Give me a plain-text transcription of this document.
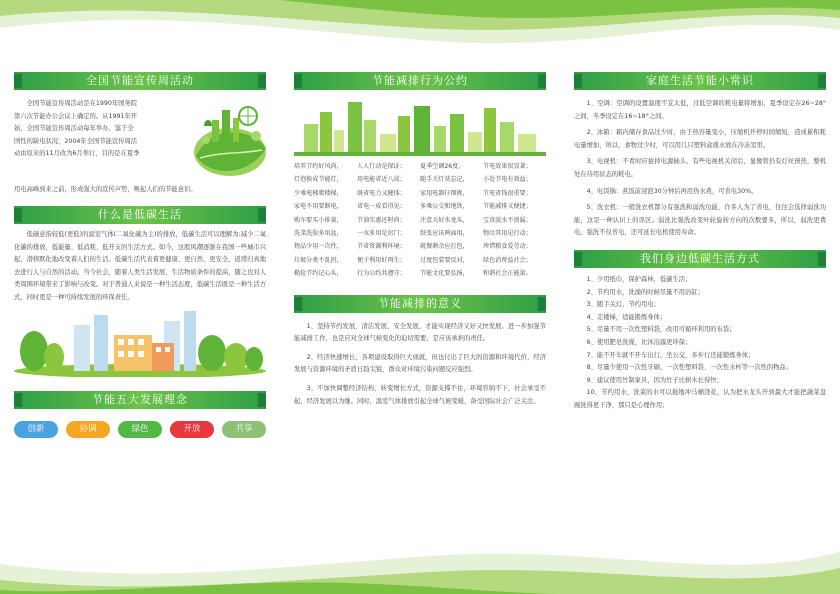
全国节能宣传周活动

全国节能宣传周活动是在1990年国务院

第六次节能办公会议上确定的。从1991年开

始，全国节能宣传周活动每年举办。鉴于全

国性的缺电状况，2004年全国节能宣传周活

动由原来的11月改为6月举行，目的是在夏季

用电高峰到来之前，形成强大的宣传声势，唤起人们的节能意识。

什么是低碳生活

低碳意指较低(更低)的温室气体(二氧化碳为主)的排放，低碳生活可以理解为:减少二氧化碳的排放，低能量、低消耗、低开支的生活方式。如今，这股风潮逐渐在我国一些城市兴起，潜移默化地改变着人们的生活。低碳生活代表着更健康、更自然、更安全，返璞归真地去进行人与自然的活动。当今社会，随着人类生活发展，生活物质条件的提高，随之也对人类周围环境带来了影响与改变。对于普通人来说是一种生活态度，低碳生活既是一种生活方式，同时更是一种可持续发展的环保责任。

节能五大发展理念
创新	协调	绿色	开放	共享
节能减排行为公约

培养节约好风尚，

灯泡换成节能灯，

少乘电梯爬楼梯，

家电不用要断电，

购车要买小排量，

洗菜洗脸多用盆，

物品少用一次性，

垃圾分类不乱扔，

勤俭节约记心头，

人人行动是保证；

用电能省近八成；

既省电力又健体；

省电一成看得见；

节油实惠还时尚；

一水多用是窍门；

节省资源利环境；

便于利用好再生；

行为公约共遵守；

夏季空调26度，

随手关灯莫忘记，

家用电器仔细挑，

多乘公交和地铁，

注意关好水龙头，

纸张应该两面用，

就餐剩余应打包，

过度包装要反对，

节能文化要弘扬，

节电效果很显著；

小处节电有效益；

节电省钱很重要；

节能减排又便捷；

宝贵淡水不浪漏；

物尽其用见行动；

珍惜粮食爱劳动；

绿色消费益社会；

和谐社会正能量。

节能减排的意义

1、坚持节约发展、清洁发展、安全发展，才能实现经济又好又快发展。进一步加强节能减排工作，也是应对全球气候变化的迫切需要，是应该承担的责任。

2、经济快速增长，各项建设取得巨大成就，但也付出了巨大的资源和环境代价，经济发展与资源环境的矛盾日趋尖锐，群众对环境污染问题反应强烈。

3、不加快调整经济结构、转变增长方式，资源支撑不住，环境容纳不下，社会承受不起，经济发展以为继。同时，温室气体排放引起全球气候变暖，备受国际社会广泛关注。

家庭生活节能小常识

1、空调：空调的设置温度不宜太低，过低空调的耗电量将增加，夏季设定在26~28°之间，冬季设定在16~18°之间。

2、冰箱：箱内储存食品过少时，由于热容量变小，压缩机开停时间缩短，造成累积耗电量增加，所以，食物过少时，可以用几只塑料盒盛水放在冷冻室里。

3、电视机：不看时应拔掉电源插头，有些电视机关闭后，显像管仍有灯丝预热，整机处在待用状态的耗电。

4、电饭锅：煮饭前浸泡30分钟后再用热水煮，可省电30%。

5、洗衣机：一般洗衣机都分有强洗和弱洗功能，许多人为了省电，往往会选择弱洗功能，这是一种认识上的误区。弱洗比强洗改变叶轮旋转方向的次数要多，所以，弱洗更费电，强洗不仅省电，还可延长电机使用寿命。

我们身边低碳生活方式

1、少用纸巾，保护森林，低碳生活；

2、节约用水，洗澡的时候尽量不用浴缸；

3、随手关灯，节约用电；

4、走楼梯，适能锻炼身体；

5、尽量不用一次性塑料袋，改用可循环利用的布袋；

6、使用肥皂洗澡，比沐浴露更环保；

7、能不开车就不开车出行，坐公交，多步行还能锻炼身体；

8、尽量少使用一次性牙刷、一次性塑料袋、一次性水杯等一次性的物品；

9、建议使用竹制家具，因为竹子比树木长得快；

10、节约用水，洗菜的水可以拖地冲马桶浇花，认为把水龙头开到最大才能把蔬菜盘碗洗得更干净，那只是心理作用；
